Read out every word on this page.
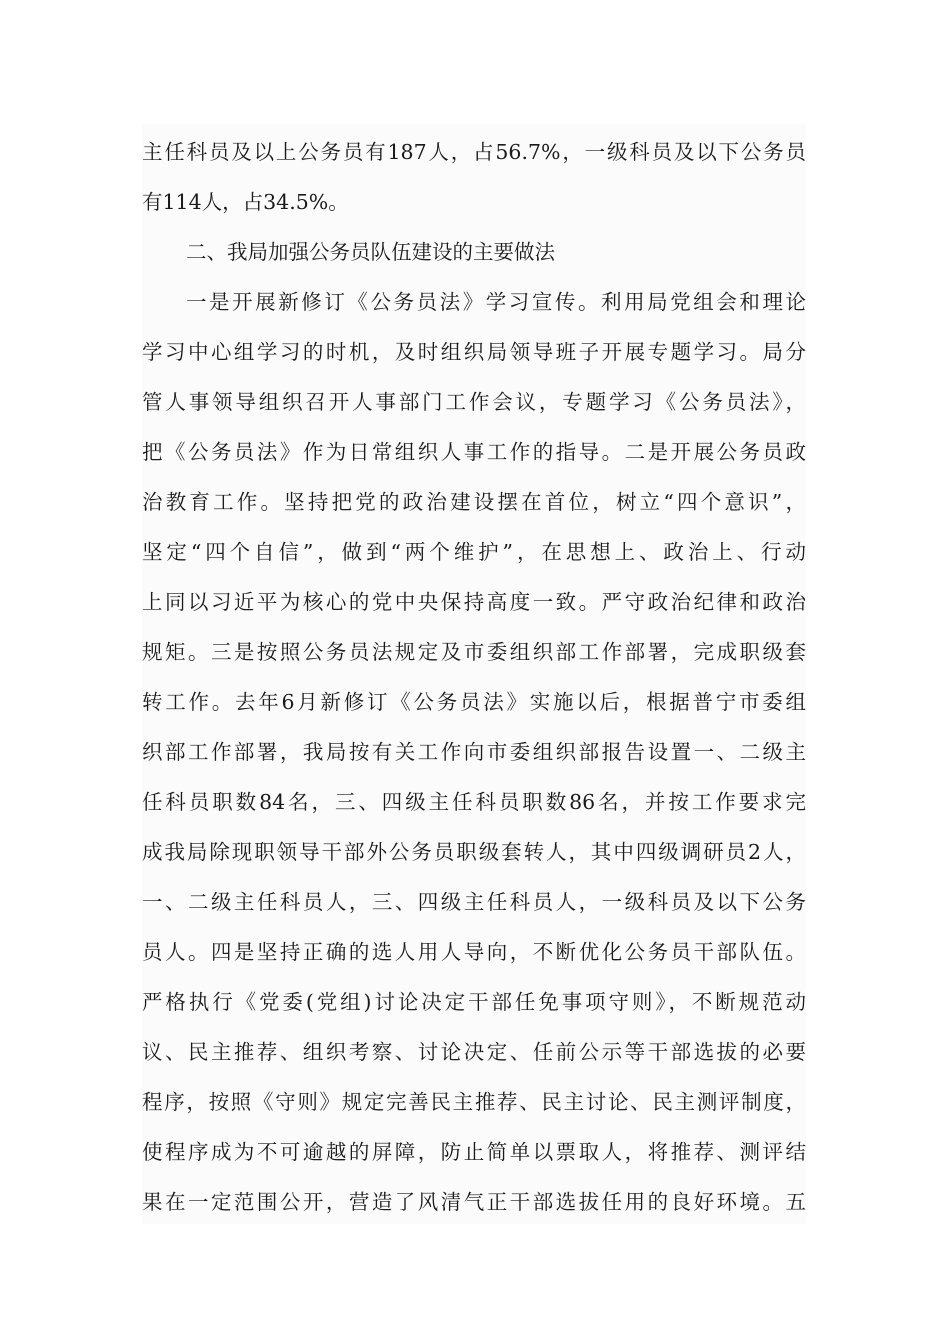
主任科员及以上公务员有187人，占56.7%，一级科员及以下公务员
有114人，占34.5%。
二、我局加强公务员队伍建设的主要做法
一是开展新修订《公务员法》学习宣传。利用局党组会和理论
学习中心组学习的时机，及时组织局领导班子开展专题学习。局分
管人事领导组织召开人事部门工作会议，专题学习《公务员法》，
把《公务员法》作为日常组织人事工作的指导。二是开展公务员政
治教育工作。坚持把党的政治建设摆在首位，树立“四个意识”，
坚定“四个自信”，做到“两个维护”，在思想上、政治上、行动
上同以习近平为核心的党中央保持高度一致。严守政治纪律和政治
规矩。三是按照公务员法规定及市委组织部工作部署，完成职级套
转工作。去年6月新修订《公务员法》实施以后，根据普宁市委组
织部工作部署，我局按有关工作向市委组织部报告设置一、二级主
任科员职数84名，三、四级主任科员职数86名，并按工作要求完
成我局除现职领导干部外公务员职级套转人，其中四级调研员2人，
一、二级主任科员人，三、四级主任科员人，一级科员及以下公务
员人。四是坚持正确的选人用人导向，不断优化公务员干部队伍。
严格执行《党委(党组)讨论决定干部任免事项守则》，不断规范动
议、民主推荐、组织考察、讨论决定、任前公示等干部选拔的必要
程序，按照《守则》规定完善民主推荐、民主讨论、民主测评制度，
使程序成为不可逾越的屏障，防止简单以票取人，将推荐、测评结
果在一定范围公开，营造了风清气正干部选拔任用的良好环境。五
